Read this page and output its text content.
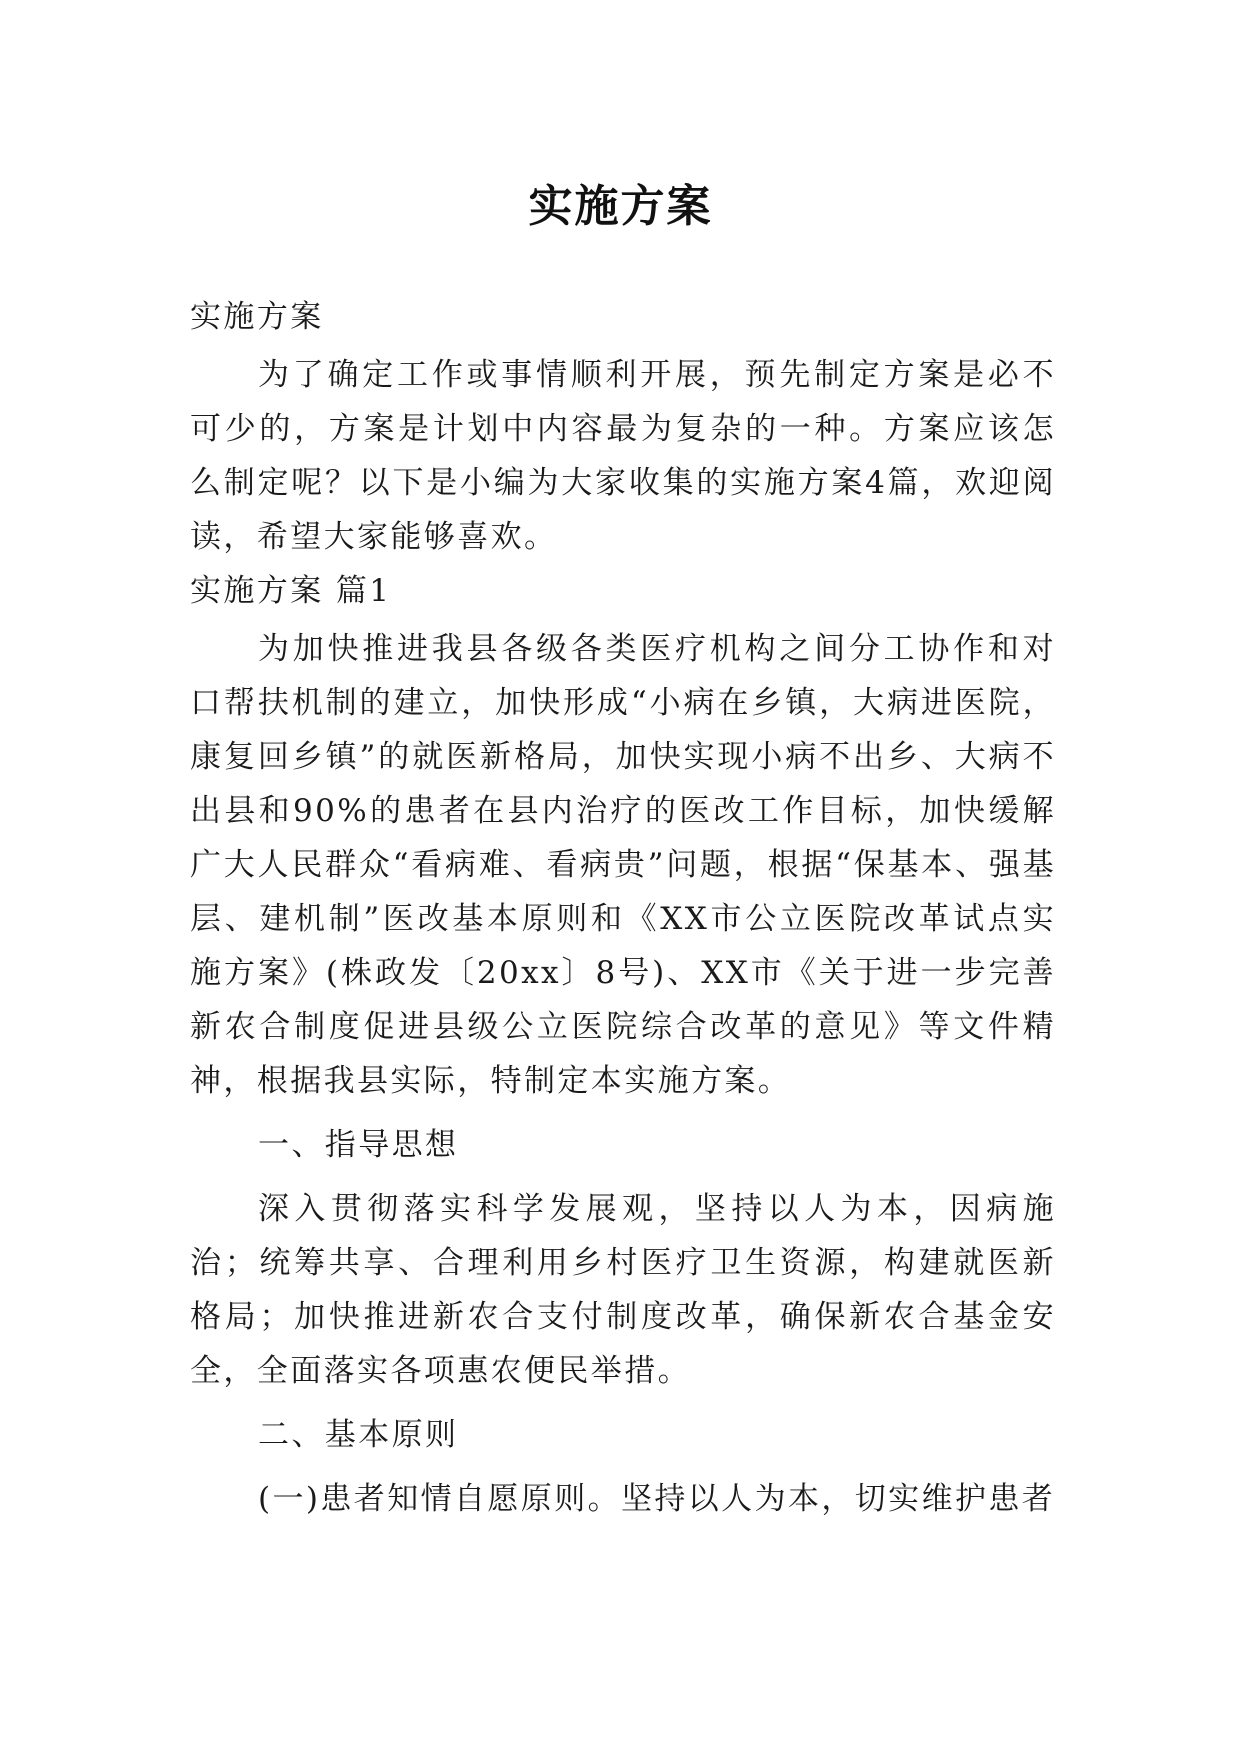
实施方案

实施方案

为了确定工作或事情顺利开展，预先制定方案是必不可少的，方案是计划中内容最为复杂的一种。方案应该怎么制定呢？以下是小编为大家收集的实施方案4篇，欢迎阅读，希望大家能够喜欢。

实施方案 篇1

为加快推进我县各级各类医疗机构之间分工协作和对口帮扶机制的建立，加快形成“小病在乡镇，大病进医院，康复回乡镇”的就医新格局，加快实现小病不出乡、大病不出县和90%的患者在县内治疗的医改工作目标，加快缓解广大人民群众“看病难、看病贵”问题，根据“保基本、强基层、建机制”医改基本原则和《XX市公立医院改革试点实施方案》(株政发〔20xx〕8号)、XX市《关于进一步完善新农合制度促进县级公立医院综合改革的意见》等文件精神，根据我县实际，特制定本实施方案。

一、指导思想

深入贯彻落实科学发展观，坚持以人为本，因病施治；统筹共享、合理利用乡村医疗卫生资源，构建就医新格局；加快推进新农合支付制度改革，确保新农合基金安全，全面落实各项惠农便民举措。

二、基本原则

(一)患者知情自愿原则。坚持以人为本，切实维护患者
